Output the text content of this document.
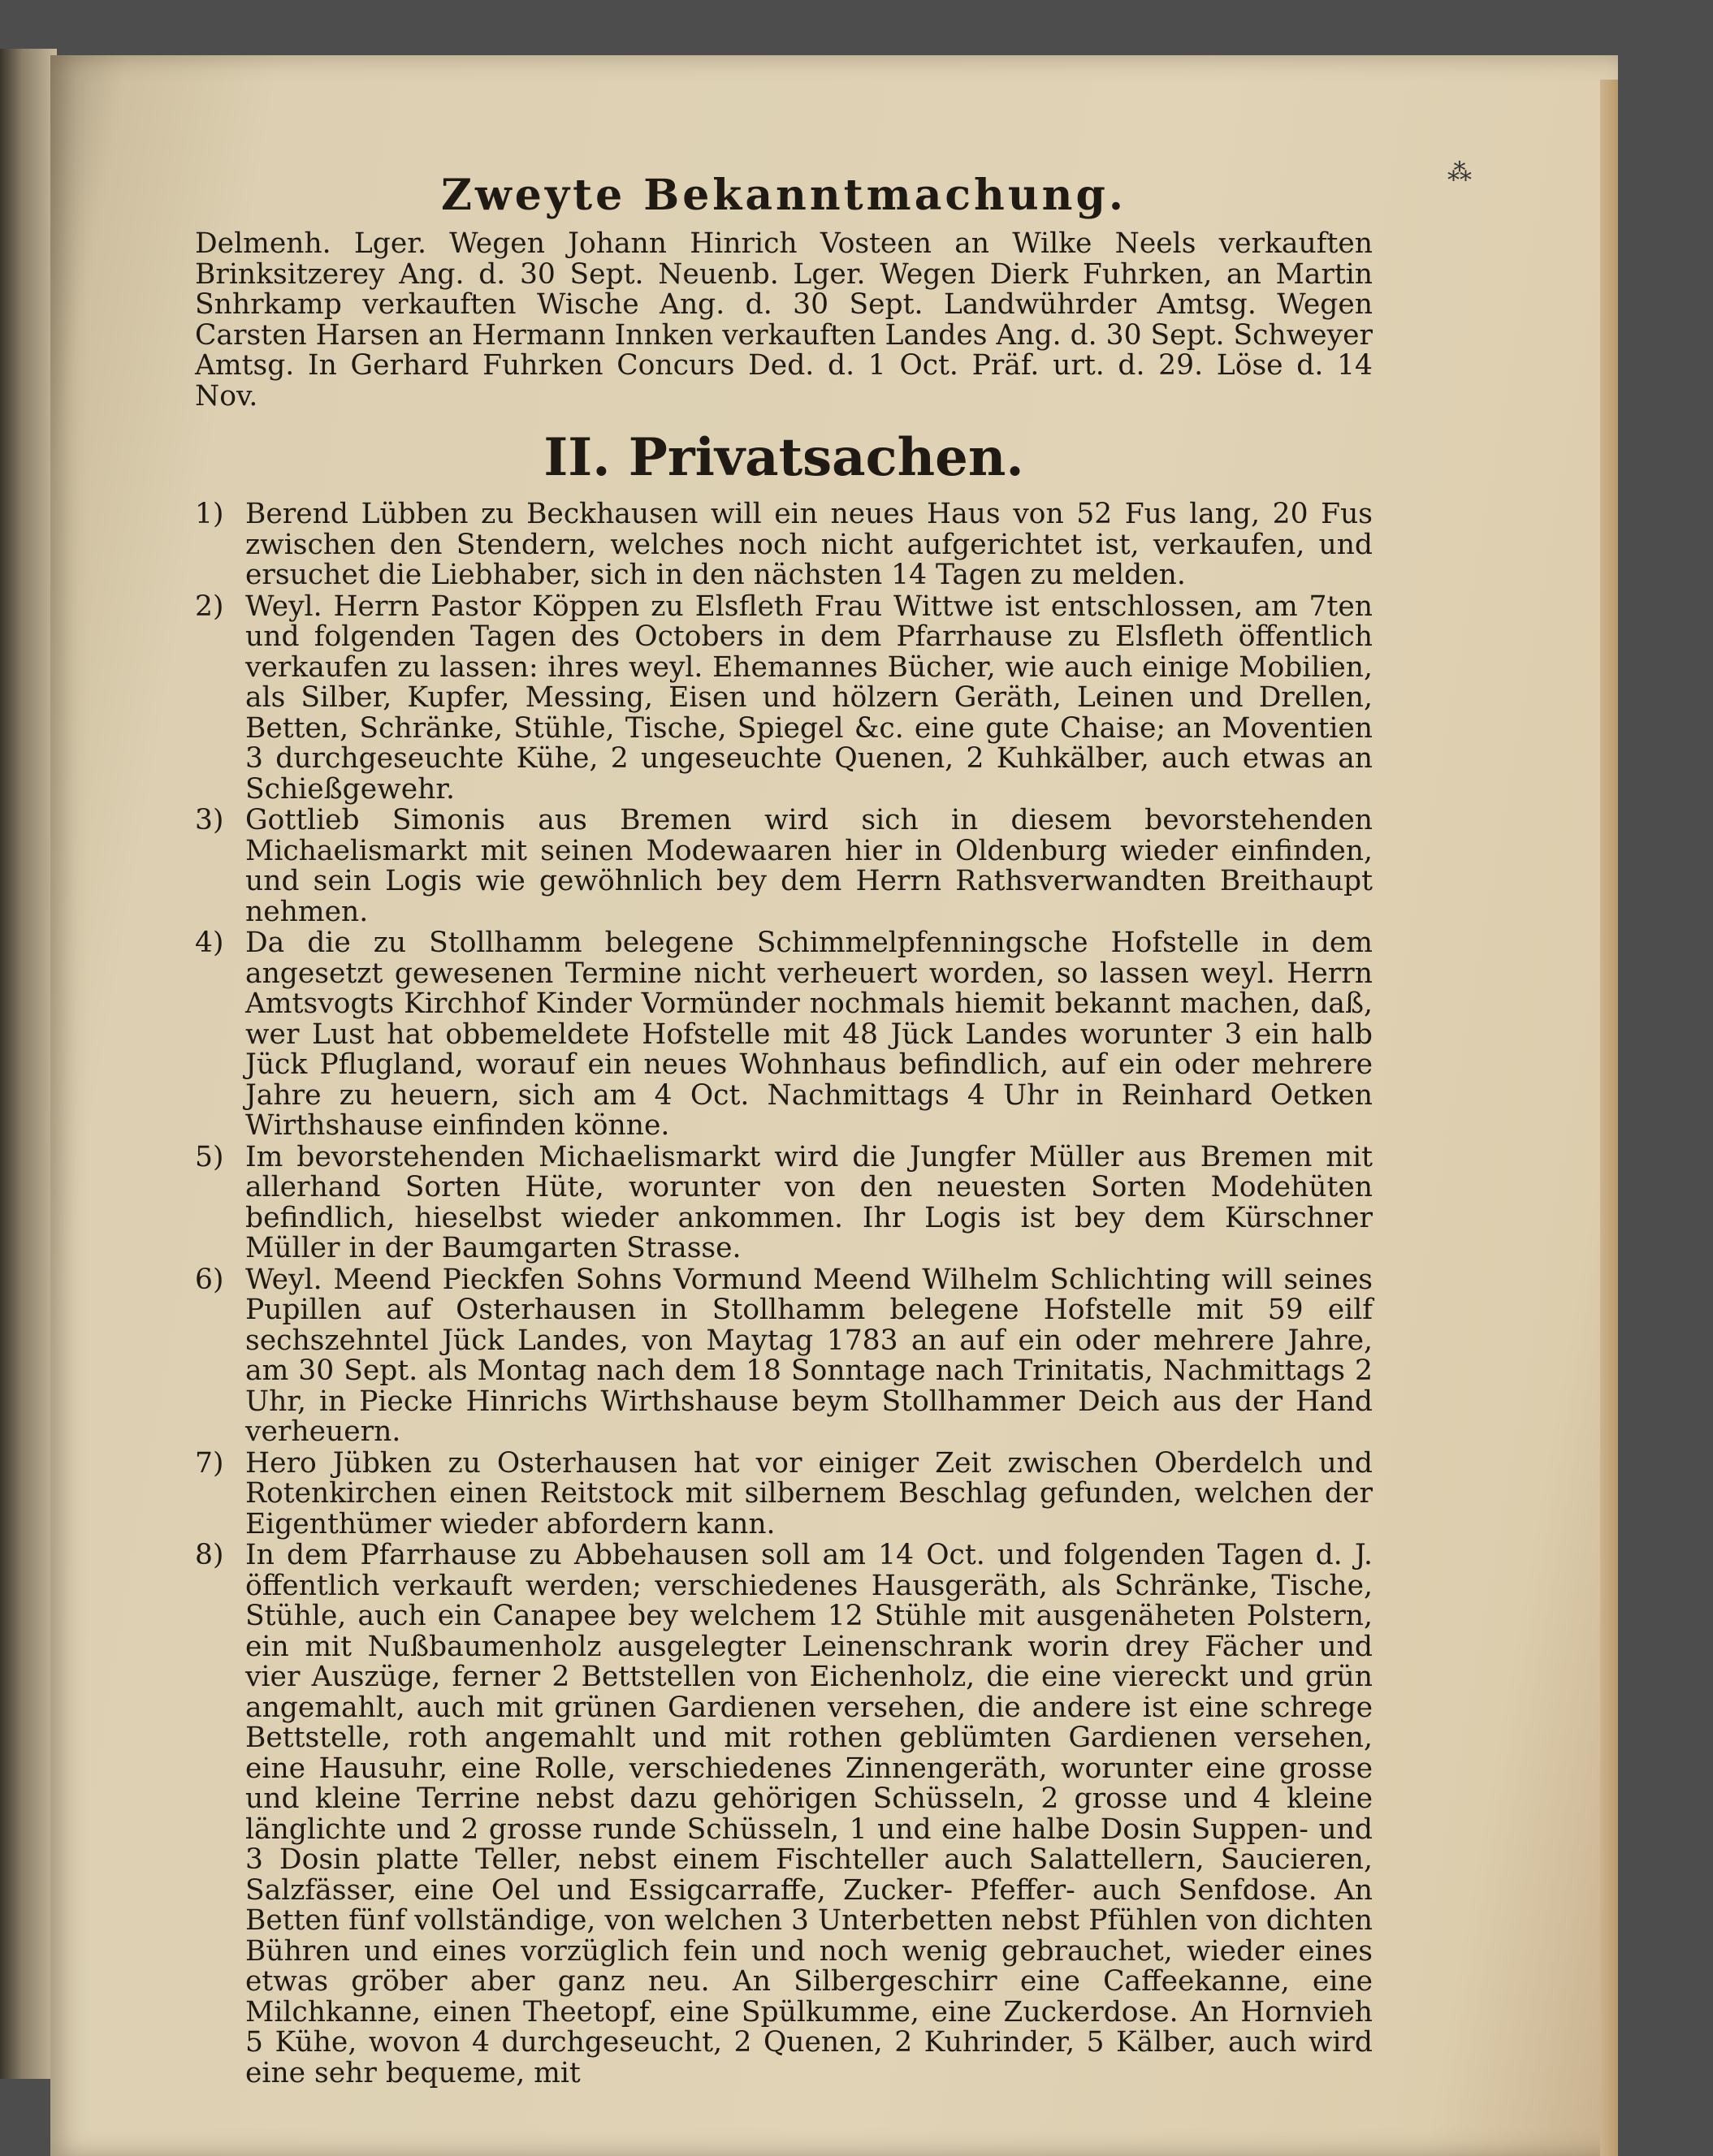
⁂
Zweyte Bekanntmachung.

Delmenh. Lger. Wegen Johann Hinrich Vosteen an Wilke Neels verkauften Brinksitzerey Ang. d. 30 Sept. Neuenb. Lger. Wegen Dierk Fuhrken, an Martin Snhrkamp verkauften Wische Ang. d. 30 Sept. Landwührder Amtsg. Wegen Carsten Harsen an Hermann Innken verkauften Landes Ang. d. 30 Sept. Schweyer Amtsg. In Gerhard Fuhrken Concurs Ded. d. 1 Oct. Präf. urt. d. 29. Löse d. 14 Nov.

II. Privatsachen.
1) Berend Lübben zu Beckhausen will ein neues Haus von 52 Fus lang, 20 Fus zwischen den Stendern, welches noch nicht aufgerichtet ist, verkaufen, und ersuchet die Liebhaber, sich in den nächsten 14 Tagen zu melden.
2) Weyl. Herrn Pastor Köppen zu Elsfleth Frau Wittwe ist entschlossen, am 7ten und folgenden Tagen des Octobers in dem Pfarrhause zu Elsfleth öffentlich verkaufen zu lassen: ihres weyl. Ehemannes Bücher, wie auch einige Mobilien, als Silber, Kupfer, Messing, Eisen und hölzern Geräth, Leinen und Drellen, Betten, Schränke, Stühle, Tische, Spiegel &c. eine gute Chaise; an Moventien 3 durchgeseuchte Kühe, 2 ungeseuchte Quenen, 2 Kuhkälber, auch etwas an Schießgewehr.
3) Gottlieb Simonis aus Bremen wird sich in diesem bevorstehenden Michaelismarkt mit seinen Modewaaren hier in Oldenburg wieder einfinden, und sein Logis wie gewöhnlich bey dem Herrn Rathsverwandten Breithaupt nehmen.
4) Da die zu Stollhamm belegene Schimmelpfenningsche Hofstelle in dem angesetzt gewesenen Termine nicht verheuert worden, so lassen weyl. Herrn Amtsvogts Kirchhof Kinder Vormünder nochmals hiemit bekannt machen, daß, wer Lust hat obbemeldete Hofstelle mit 48 Jück Landes worunter 3 ein halb Jück Pflugland, worauf ein neues Wohnhaus befindlich, auf ein oder mehrere Jahre zu heuern, sich am 4 Oct. Nachmittags 4 Uhr in Reinhard Oetken Wirthshause einfinden könne.
5) Im bevorstehenden Michaelismarkt wird die Jungfer Müller aus Bremen mit allerhand Sorten Hüte, worunter von den neuesten Sorten Modehüten befindlich, hieselbst wieder ankommen. Ihr Logis ist bey dem Kürschner Müller in der Baumgarten Strasse.
6) Weyl. Meend Pieckfen Sohns Vormund Meend Wilhelm Schlichting will seines Pupillen auf Osterhausen in Stollhamm belegene Hofstelle mit 59 eilf sechszehntel Jück Landes, von Maytag 1783 an auf ein oder mehrere Jahre, am 30 Sept. als Montag nach dem 18 Sonntage nach Trinitatis, Nachmittags 2 Uhr, in Piecke Hinrichs Wirthshause beym Stollhammer Deich aus der Hand verheuern.
7) Hero Jübken zu Osterhausen hat vor einiger Zeit zwischen Oberdelch und Rotenkirchen einen Reitstock mit silbernem Beschlag gefunden, welchen der Eigenthümer wieder abfordern kann.
8) In dem Pfarrhause zu Abbehausen soll am 14 Oct. und folgenden Tagen d. J. öffentlich verkauft werden; verschiedenes Hausgeräth, als Schränke, Tische, Stühle, auch ein Canapee bey welchem 12 Stühle mit ausgenäheten Polstern, ein mit Nußbaumenholz ausgelegter Leinenschrank worin drey Fächer und vier Auszüge, ferner 2 Bettstellen von Eichenholz, die eine viereckt und grün angemahlt, auch mit grünen Gardienen versehen, die andere ist eine schrege Bettstelle, roth angemahlt und mit rothen geblümten Gardienen versehen, eine Hausuhr, eine Rolle, verschiedenes Zinnengeräth, worunter eine grosse und kleine Terrine nebst dazu gehörigen Schüsseln, 2 grosse und 4 kleine länglichte und 2 grosse runde Schüsseln, 1 und eine halbe Dosin Suppen- und 3 Dosin platte Teller, nebst einem Fischteller auch Salattellern, Saucieren, Salzfässer, eine Oel und Essigcarraffe, Zucker- Pfeffer- auch Senfdose. An Betten fünf vollständige, von welchen 3 Unterbetten nebst Pfühlen von dichten Bühren und eines vorzüglich fein und noch wenig gebrauchet, wieder eines etwas gröber aber ganz neu. An Silbergeschirr eine Caffeekanne, eine Milchkanne, einen Theetopf, eine Spülkumme, eine Zuckerdose. An Hornvieh 5 Kühe, wovon 4 durchgeseucht, 2 Quenen, 2 Kuhrinder, 5 Kälber, auch wird eine sehr bequeme, mit
